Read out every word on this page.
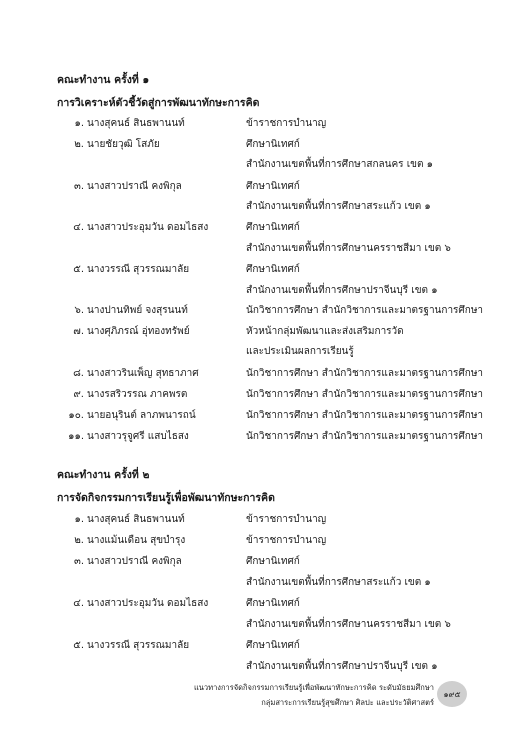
คณะทำงาน ครั้งที่ ๑
การวิเคราะห์ตัวชี้วัดสู่การพัฒนาทักษะการคิด
๑. นางสุคนธ์ สินธพานนท์	ข้าราชการบำนาญ
๒. นายชัยวุฒิ โสภัย	ศึกษานิเทศก์
สำนักงานเขตพื้นที่การศึกษาสกลนคร เขต ๑
๓. นางสาวปราณี คงพิกุล	ศึกษานิเทศก์
สำนักงานเขตพื้นที่การศึกษาสระแก้ว เขต ๑
๔. นางสาวประอุมวัน ดอมไธสง	ศึกษานิเทศก์
สำนักงานเขตพื้นที่การศึกษานครราชสีมา เขต ๖
๕. นางวรรณี สุวรรณมาลัย	ศึกษานิเทศก์
สำนักงานเขตพื้นที่การศึกษาปราจีนบุรี เขต ๑
๖. นางปานทิพย์ จงสุรนนท์	นักวิชาการศึกษา สำนักวิชาการและมาตรฐานการศึกษา
๗. นางศุภิภรณ์ อุ่ทองทรัพย์	หัวหน้ากลุ่มพัฒนาและส่งเสริมการวัด
และประเมินผลการเรียนรู้
๘. นางสาวรินเพ็ญ สุทธาภาศ	นักวิชาการศึกษา สำนักวิชาการและมาตรฐานการศึกษา
๙. นางรสริวรรณ ภาคพรต	นักวิชาการศึกษา สำนักวิชาการและมาตรฐานการศึกษา
๑๐. นายอนุรินต์ ลาภพนารถน์	นักวิชาการศึกษา สำนักวิชาการและมาตรฐานการศึกษา
๑๑. นางสาวรุจูศรี แสบไธสง	นักวิชาการศึกษา สำนักวิชาการและมาตรฐานการศึกษา
คณะทำงาน ครั้งที่ ๒
การจัดกิจกรรมการเรียนรู้เพื่อพัฒนาทักษะการคิด
๑. นางสุคนธ์ สินธพานนท์	ข้าราชการบำนาญ
๒. นางแม้นเดือน สุขบำรุง	ข้าราชการบำนาญ
๓. นางสาวปราณี คงพิกุล	ศึกษานิเทศก์
สำนักงานเขตพื้นที่การศึกษาสระแก้ว เขต ๑
๔. นางสาวประอุมวัน ดอมไธสง	ศึกษานิเทศก์
สำนักงานเขตพื้นที่การศึกษานครราชสีมา เขต ๖
๕. นางวรรณี สุวรรณมาลัย	ศึกษานิเทศก์
สำนักงานเขตพื้นที่การศึกษาปราจีนบุรี เขต ๑
แนวทางการจัดกิจกรรมการเรียนรู้เพื่อพัฒนาทักษะการคิด ระดับมัธยมศึกษา
กลุ่มสาระการเรียนรู้สุขศึกษา ศิลปะ และประวัติศาสตร์
๑๙๕
